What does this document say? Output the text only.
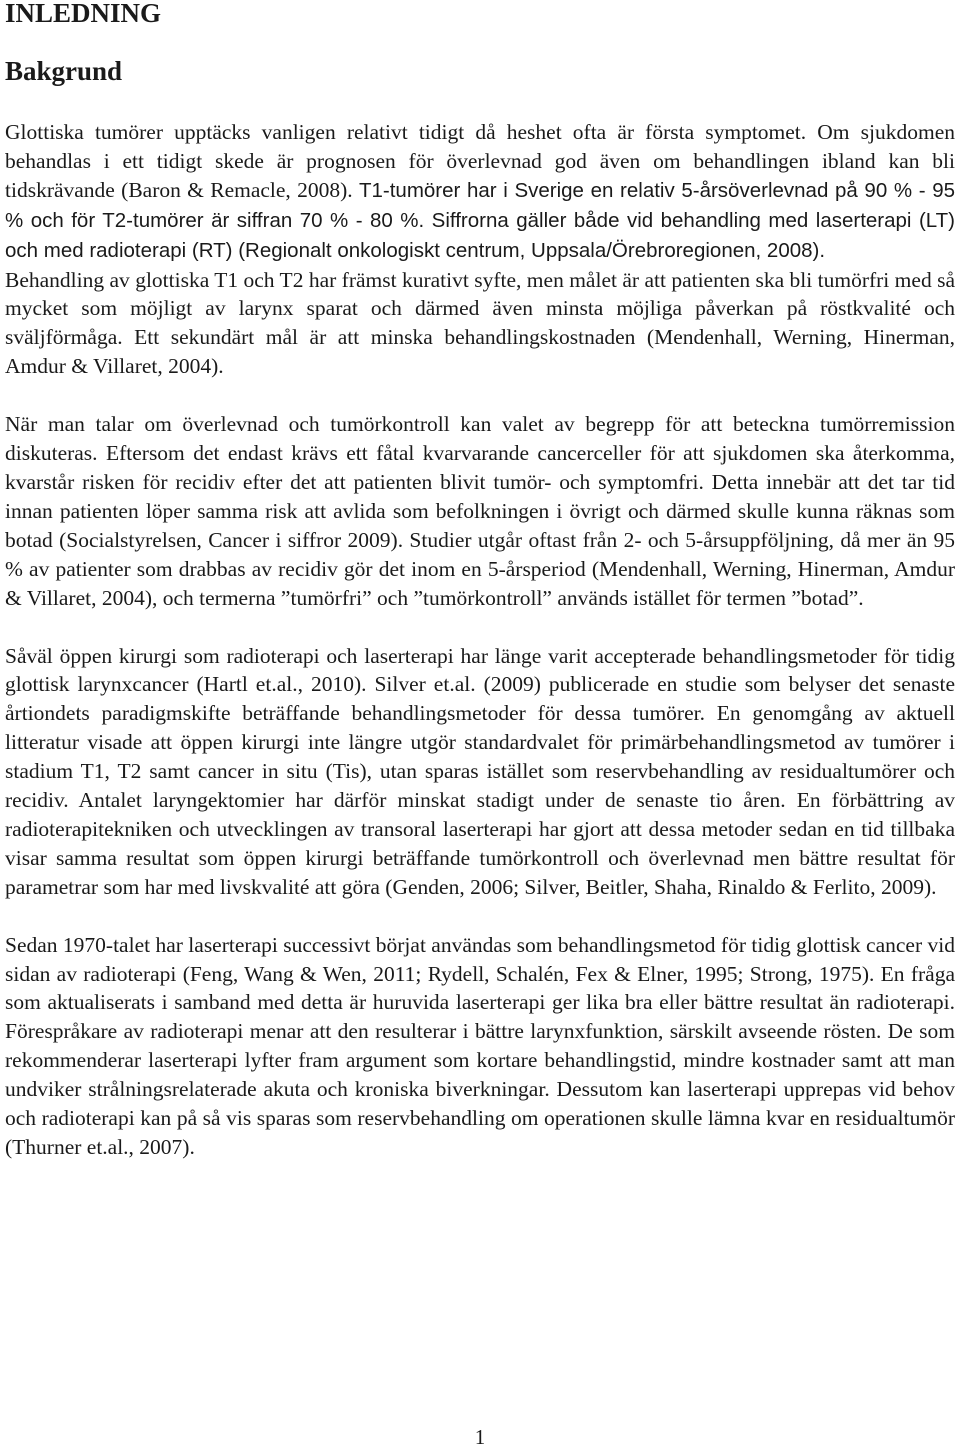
INLEDNING
Bakgrund

Glottiska tumörer upptäcks vanligen relativt tidigt då heshet ofta är första symptomet. Om sjukdomen behandlas i ett tidigt skede är prognosen för överlevnad god även om behandlingen ibland kan bli tidskrävande (Baron & Remacle, 2008). T1-tumörer har i Sverige en relativ 5-årsöverlevnad på 90 % - 95 % och för T2-tumörer är siffran 70 % - 80 %. Siffrorna gäller både vid behandling med laserterapi (LT) och med radioterapi (RT) (Regionalt onkologiskt centrum, Uppsala/Örebroregionen, 2008).

Behandling av glottiska T1 och T2 har främst kurativt syfte, men målet är att patienten ska bli tumörfri med så mycket som möjligt av larynx sparat och därmed även minsta möjliga påverkan på röstkvalité och sväljförmåga. Ett sekundärt mål är att minska behandlingskostnaden (Mendenhall, Werning, Hinerman, Amdur & Villaret, 2004).

När man talar om överlevnad och tumörkontroll kan valet av begrepp för att beteckna tumörremission diskuteras. Eftersom det endast krävs ett fåtal kvarvarande cancerceller för att sjukdomen ska återkomma, kvarstår risken för recidiv efter det att patienten blivit tumör- och symptomfri. Detta innebär att det tar tid innan patienten löper samma risk att avlida som befolkningen i övrigt och därmed skulle kunna räknas som botad (Socialstyrelsen, Cancer i siffror 2009). Studier utgår oftast från 2- och 5-årsuppföljning, då mer än 95 % av patienter som drabbas av recidiv gör det inom en 5-årsperiod (Mendenhall, Werning, Hinerman, Amdur & Villaret, 2004), och termerna ”tumörfri” och ”tumörkontroll” används istället för termen ”botad”.

Såväl öppen kirurgi som radioterapi och laserterapi har länge varit accepterade behandlingsmetoder för tidig glottisk larynxcancer (Hartl et.al., 2010). Silver et.al. (2009) publicerade en studie som belyser det senaste årtiondets paradigmskifte beträffande behandlingsmetoder för dessa tumörer. En genomgång av aktuell litteratur visade att öppen kirurgi inte längre utgör standardvalet för primärbehandlingsmetod av tumörer i stadium T1, T2 samt cancer in situ (Tis), utan sparas istället som reservbehandling av residualtumörer och recidiv. Antalet laryngektomier har därför minskat stadigt under de senaste tio åren. En förbättring av radioterapitekniken och utvecklingen av transoral laserterapi har gjort att dessa metoder sedan en tid tillbaka visar samma resultat som öppen kirurgi beträffande tumörkontroll och överlevnad men bättre resultat för parametrar som har med livskvalité att göra (Genden, 2006; Silver, Beitler, Shaha, Rinaldo & Ferlito, 2009).

Sedan 1970-talet har laserterapi successivt börjat användas som behandlingsmetod för tidig glottisk cancer vid sidan av radioterapi (Feng, Wang & Wen, 2011; Rydell, Schalén, Fex & Elner, 1995; Strong, 1975). En fråga som aktualiserats i samband med detta är huruvida laserterapi ger lika bra eller bättre resultat än radioterapi. Förespråkare av radioterapi menar att den resulterar i bättre larynxfunktion, särskilt avseende rösten. De som rekommenderar laserterapi lyfter fram argument som kortare behandlingstid, mindre kostnader samt att man undviker strålningsrelaterade akuta och kroniska biverkningar. Dessutom kan laserterapi upprepas vid behov och radioterapi kan på så vis sparas som reservbehandling om operationen skulle lämna kvar en residualtumör (Thurner et.al., 2007).

1
